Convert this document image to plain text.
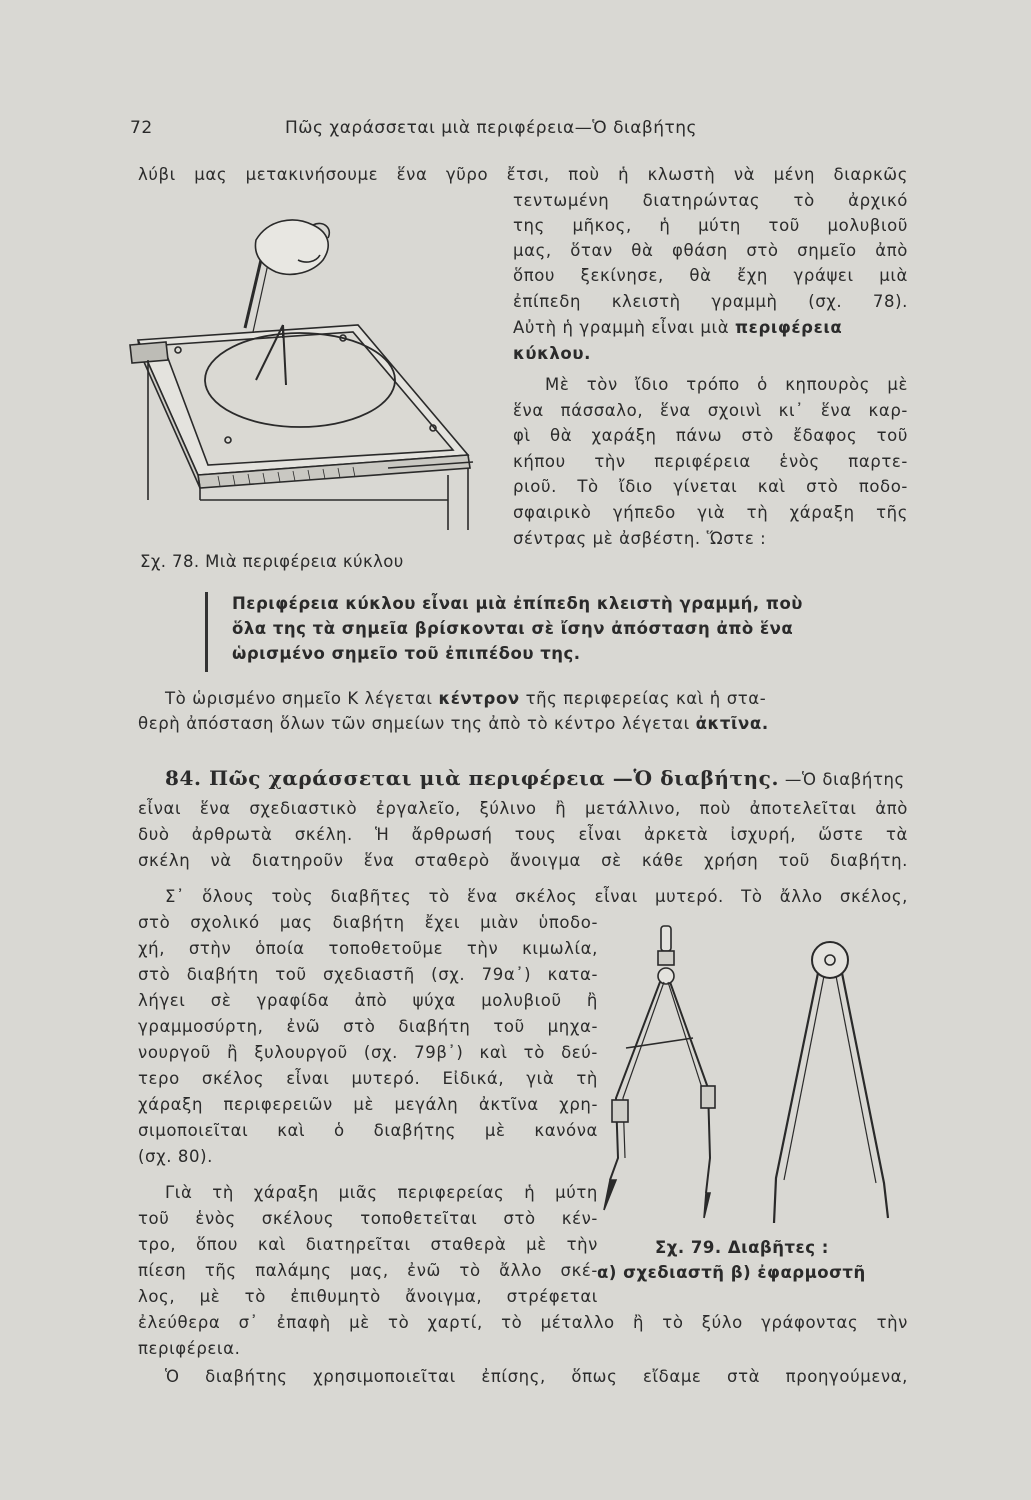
72	Πῶς χαράσσεται μιὰ περιφέρεια—Ὁ διαβήτης
λύβι μας μετακινήσουμε ἕνα γῦρο ἔτσι, ποὺ ἡ κλωστὴ νὰ μένη διαρκῶς
τεντωμένη διατηρώντας τὸ ἀρχικό
της μῆκος, ἡ μύτη τοῦ μολυβιοῦ
μας, ὅταν θὰ φθάση στὸ σημεῖο ἀπὸ
ὅπου ξεκίνησε, θὰ ἔχη γράψει μιὰ
ἐπίπεδη κλειστὴ γραμμὴ (σχ. 78).
Αὐτὴ ἡ γραμμὴ εἶναι μιὰ περιφέρεια
κύκλου.
Μὲ τὸν ἴδιο τρόπο ὁ κηπουρὸς μὲ
ἕνα πάσσαλο, ἕνα σχοινὶ κι᾽ ἕνα καρ-
φὶ θὰ χαράξη πάνω στὸ ἔδαφος τοῦ
κήπου τὴν περιφέρεια ἑνὸς παρτε-
ριοῦ. Τὸ ἴδιο γίνεται καὶ στὸ ποδο-
σφαιρικὸ γήπεδο γιὰ τὴ χάραξη τῆς
σέντρας μὲ ἀσβέστη. Ὥστε :
Σχ. 78. Μιὰ περιφέρεια κύκλου
Περιφέρεια κύκλου εἶναι μιὰ ἐπίπεδη κλειστὴ γραμμή, ποὺ
ὅλα της τὰ σημεῖα βρίσκονται σὲ ἴσην ἀπόσταση ἀπὸ ἕνα
ὡρισμένο σημεῖο τοῦ ἐπιπέδου της.
Τὸ ὡρισμένο σημεῖο Κ λέγεται κέντρον τῆς περιφερείας καὶ ἡ στα-
θερὴ ἀπόσταση ὅλων τῶν σημείων της ἀπὸ τὸ κέντρο λέγεται ἀκτῖνα.
84. Πῶς χαράσσεται μιὰ περιφέρεια —Ὁ διαβήτης. —Ὁ διαβήτης
εἶναι ἕνα σχεδιαστικὸ ἐργαλεῖο, ξύλινο ἢ μετάλλινο, ποὺ ἀποτελεῖται ἀπὸ
δυὸ ἀρθρωτὰ σκέλη. Ἡ ἄρθρωσή τους εἶναι ἀρκετὰ ἰσχυρή, ὥστε τὰ
σκέλη νὰ διατηροῦν ἕνα σταθερὸ ἄνοιγμα σὲ κάθε χρήση τοῦ διαβήτη.
Σ᾽ ὅλους τοὺς διαβῆτες τὸ ἕνα σκέλος εἶναι μυτερό. Τὸ ἄλλο σκέλος,
στὸ σχολικό μας διαβήτη ἔχει μιὰν ὑποδο-
χή, στὴν ὁποία τοποθετοῦμε τὴν κιμωλία,
στὸ διαβήτη τοῦ σχεδιαστῆ (σχ. 79α᾽) κατα-
λήγει σὲ γραφίδα ἀπὸ ψύχα μολυβιοῦ ἢ
γραμμοσύρτη, ἐνῶ στὸ διαβήτη τοῦ μηχα-
νουργοῦ ἢ ξυλουργοῦ (σχ. 79β᾽) καὶ τὸ δεύ-
τερο σκέλος εἶναι μυτερό. Εἰδικά, γιὰ τὴ
χάραξη περιφερειῶν μὲ μεγάλη ἀκτῖνα χρη-
σιμοποιεῖται καὶ ὁ διαβήτης μὲ κανόνα
(σχ. 80).
Γιὰ τὴ χάραξη μιᾶς περιφερείας ἡ μύτη
τοῦ ἑνὸς σκέλους τοποθετεῖται στὸ κέν-
τρο, ὅπου καὶ διατηρεῖται σταθερὰ μὲ τὴν
πίεση τῆς παλάμης μας, ἐνῶ τὸ ἄλλο σκέ-
λος, μὲ τὸ ἐπιθυμητὸ ἄνοιγμα, στρέφεται
ἐλεύθερα σ᾽ ἐπαφὴ μὲ τὸ χαρτί, τὸ μέταλλο ἢ τὸ ξύλο γράφοντας τὴν
περιφέρεια.
Ὁ διαβήτης χρησιμοποιεῖται ἐπίσης, ὅπως εἴδαμε στὰ προηγούμενα,
Σχ. 79. Διαβῆτες :
α) σχεδιαστῆ β) ἐφαρμοστῆ
